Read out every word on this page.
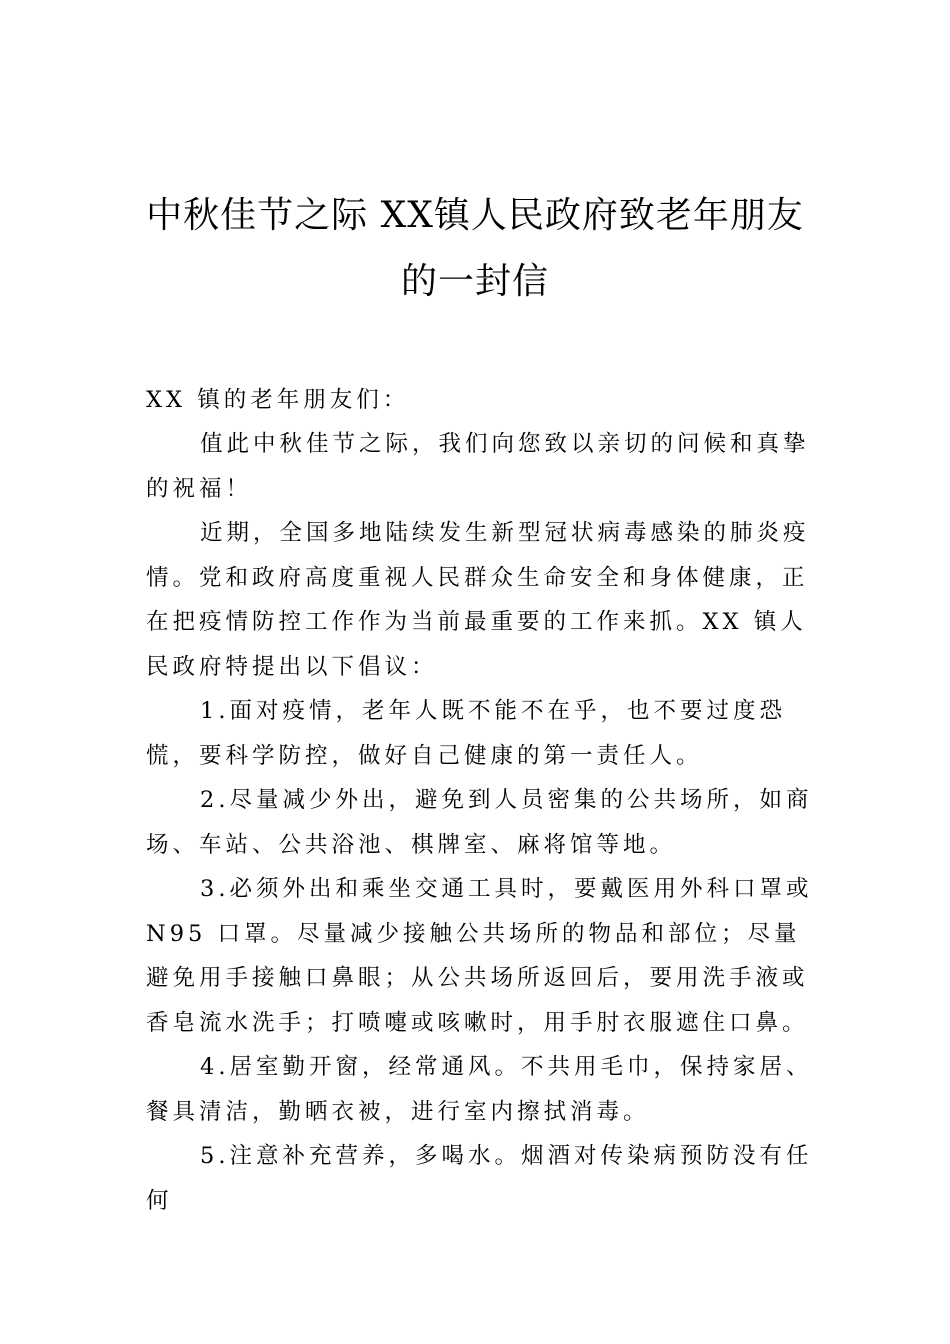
中秋佳节之际 XX镇人民政府致老年朋友
的一封信
XX 镇的老年朋友们：

值此中秋佳节之际，我们向您致以亲切的问候和真挚的祝福！

近期，全国多地陆续发生新型冠状病毒感染的肺炎疫情。党和政府高度重视人民群众生命安全和身体健康，正在把疫情防控工作作为当前最重要的工作来抓。XX 镇人民政府特提出以下倡议：

1.面对疫情，老年人既不能不在乎，也不要过度恐慌，要科学防控，做好自己健康的第一责任人。

2.尽量减少外出，避免到人员密集的公共场所，如商场、车站、公共浴池、棋牌室、麻将馆等地。

3.必须外出和乘坐交通工具时，要戴医用外科口罩或N95 口罩。尽量减少接触公共场所的物品和部位；尽量避免用手接触口鼻眼；从公共场所返回后，要用洗手液或香皂流水洗手；打喷嚏或咳嗽时，用手肘衣服遮住口鼻。

4.居室勤开窗，经常通风。不共用毛巾，保持家居、餐具清洁，勤晒衣被，进行室内擦拭消毒。

5.注意补充营养，多喝水。烟酒对传染病预防没有任何
